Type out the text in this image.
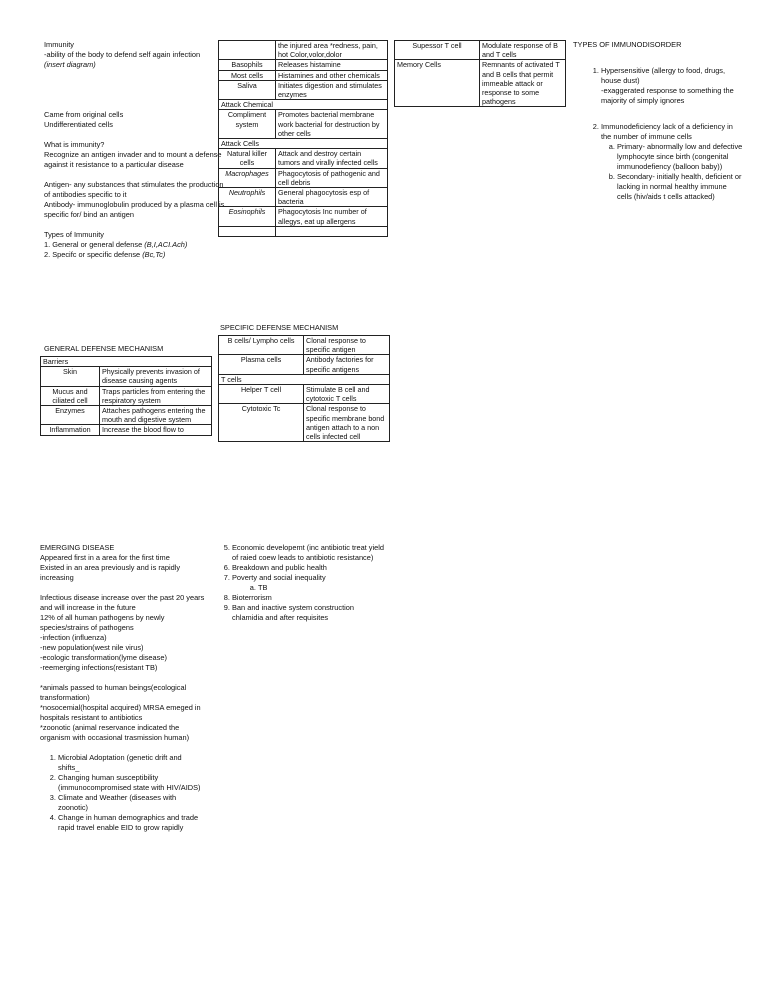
Immunity

-ability of the body to defend self again infection

(insert diagram)

Came from original cells

Undifferentiated cells

What is immunity?

Recognize an antigen invader and to mount a defense against it resistance to a particular disease

Antigen- any substances that stimulates the production of antibodies specific to it

Antibody- immunoglobulin produced by a plasma cell is specific for/ bind an antigen

Types of Immunity

1. General or general defense (B,I,ACI.Ach)

2. Specifc or specific defense (Bc,Tc)

GENERAL DEFENSE MECHANISM
Barriers	
Skin	Physically prevents invasion of disease causing agents
Mucus and ciliated cell	Traps particles from entering the respiratory system
Enzymes	Attaches pathogens entering the mouth and digestive system
Inflammation	Increase the blood flow to
	the injured area *redness, pain, hot Color,volor,dolor
Basophils	Releases histamine
Most cells	Histamines and other chemicals
Saliva	Initiates digestion and stimulates enzymes
Attack Chemical	
Compliment system	Promotes bacterial membrane work bacterial for destruction by other cells
Attack Cells	
Natural killer cells	Attack and destroy certain tumors and virally infected cells
Macrophages	Phagocytosis of pathogenic and cell debris
Neutrophils	General phagocytosis esp of bacteria
Eosinophils	Phagocytosis Inc number of allegys, eat up allergens

SPECIFIC DEFENSE MECHANISM
B cells/ Lympho cells	Clonal response to specific antigen
Plasma cells	Antibody factories for specific antigens
T cells	
Helper T cell	Stimulate B cell and cytotoxic T cells
Cytotoxic Tc	Clonal response to specific membrane bond antigen attach to a non cells infected cell
Supessor T cell	Modulate response of B and T cells
Memory Cells	Remnants of activated T and B cells that permit immeable attack or response to some pathogens

TYPES OF IMMUNODISORDER

1. Hypersensitive (allergy to food, drugs, house dust)

-exaggerated response to something the majority of simply ignores

2. Immunodeficiency lack of a deficiency in the number of immune cells

a. Primary- abnormally low and defective lymphocyte since birth (congenital immunodefiency (balloon baby))
b. Secondary- initially health, deficient or lacking in normal healthy immune cells (hiv/aids t cells attacked)

EMERGING DISEASE

Appeared first in a area for the first time

Existed in an area previously and is rapidly increasing

Infectious disease increase over the past 20 years and will increase in the future

12% of all human pathogens by newly species/strains of pathogens

-infection (influenza)

-new population(west nile virus)

-ecologic transformation(lyme disease)

-reemerging infections(resistant TB)

*animals passed to human beings(ecological transformation)

*nosocemial(hospital acquired) MRSA emeged in hospitals resistant to antibiotics

*zoonotic (animal reservance indicated the organism with occasional trasmission human)

1. Microbial Adoptation (genetic drift and shifts_
2. Changing human susceptibility (immunocompromised state with HIV/AIDS)
3. Climate and Weather (diseases with zoonotic)
4. Change in human demographics and trade rapid travel enable EID to grow rapidly
5. Economic developemt (inc antibiotic treat yield of raied coew leads to antibiotic resistance)
6. Breakdown and public health
7. Poverty and social inequality
a. TB
8. Bioterrorism
9. Ban and inactive system construction chlamidia and after requisites
